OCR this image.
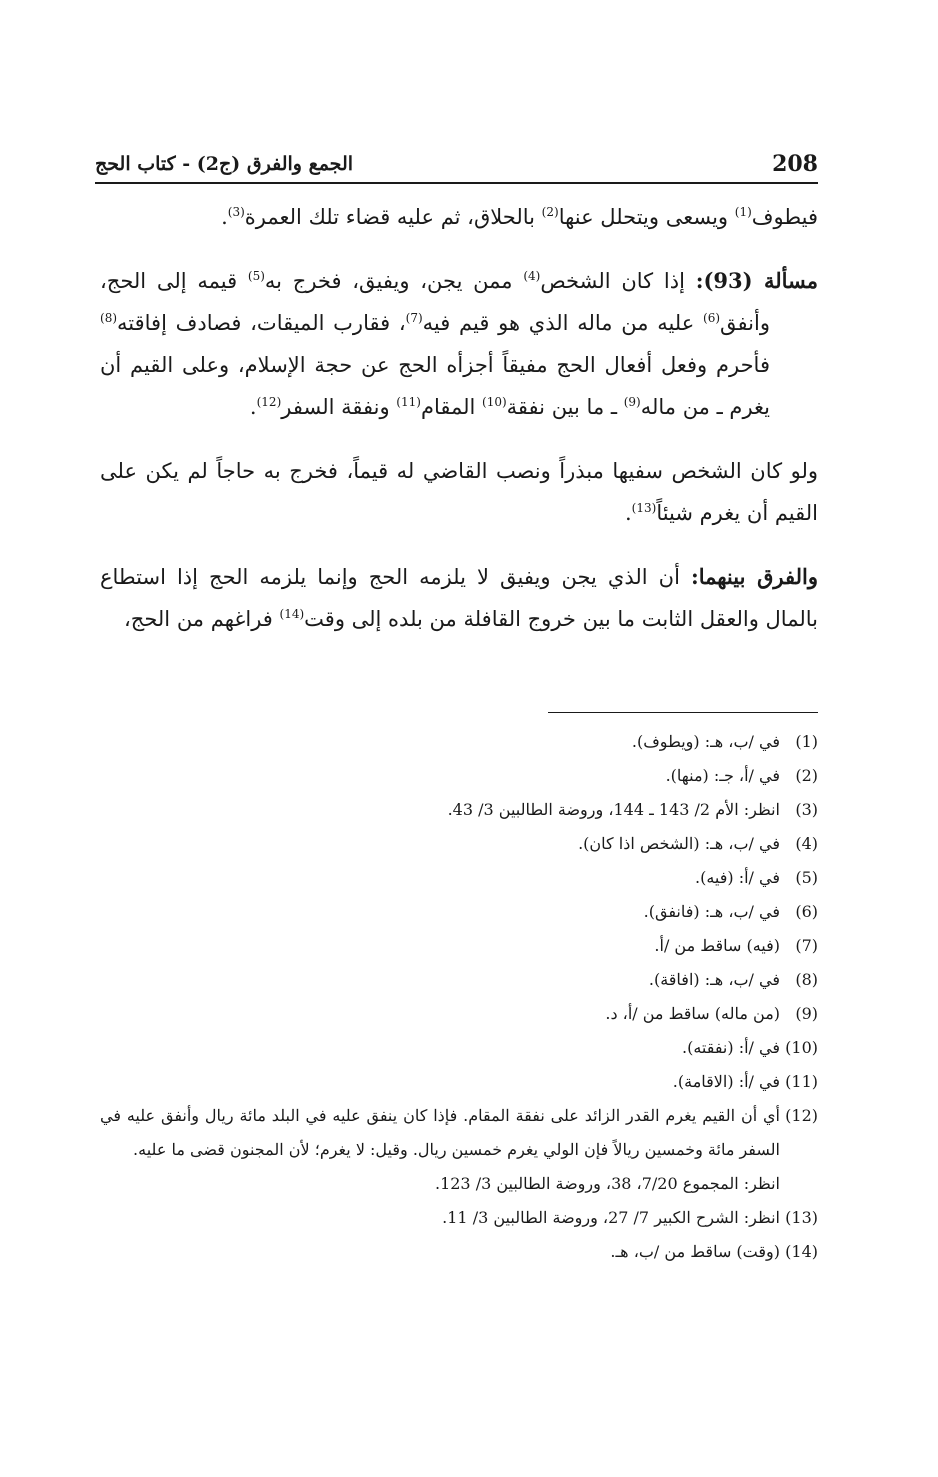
208
الجمع والفرق (ج2) - كتاب الحج

فيطوف$^{(1)}$ ويسعى ويتحلل عنها$^{(2)}$ بالحلاق، ثم عليه قضاء تلك العمرة$^{(3)}$.

مسألة (93): إذا كان الشخص$^{(4)}$ ممن يجن، ويفيق، فخرج به$^{(5)}$ قيمه إلى الحج، وأنفق$^{(6)}$ عليه من ماله الذي هو قيم فيه$^{(7)}$، فقارب الميقات، فصادف إفاقته$^{(8)}$ فأحرم وفعل أفعال الحج مفيقاً أجزأه الحج عن حجة الإسلام، وعلى القيم أن يغرم ـ من ماله$^{(9)}$ ـ ما بين نفقة$^{(10)}$ المقام$^{(11)}$ ونفقة السفر$^{(12)}$.

ولو كان الشخص سفيها مبذراً ونصب القاضي له قيماً، فخرج به حاجاً لم يكن على القيم أن يغرم شيئاً$^{(13)}$.

والفرق بينهما: أن الذي يجن ويفيق لا يلزمه الحج وإنما يلزمه الحج إذا استطاع بالمال والعقل الثابت ما بين خروج القافلة من بلده إلى وقت$^{(14)}$ فراغهم من الحج،

(1)
في /ب، هـ: (ويطوف).
(2)
في /أ، جـ: (منها).
(3)
انظر: الأم 2/ 143 ـ 144، وروضة الطالبين 3/ 43.
(4)
في /ب، هـ: (الشخص اذا كان).
(5)
في /أ: (فيه).
(6)
في /ب، هـ: (فانفق).
(7)
(فيه) ساقط من /أ.
(8)
في /ب، هـ: (افاقة).
(9)
(من ماله) ساقط من /أ، د.
(10)
في /أ: (نفقته).
(11)
في /أ: (الاقامة).
(12)
أي أن القيم يغرم القدر الزائد على نفقة المقام. فإذا كان ينفق عليه في البلد مائة ريال وأنفق عليه في السفر مائة وخمسين ريالاً فإن الولي يغرم خمسين ريال. وقيل: لا يغرم؛ لأن المجنون قضى ما عليه.
انظر: المجموع 7/20، 38، وروضة الطالبين 3/ 123.
(13)
انظر: الشرح الكبير 7/ 27، وروضة الطالبين 3/ 11.
(14)
(وقت) ساقط من /ب، هـ.
